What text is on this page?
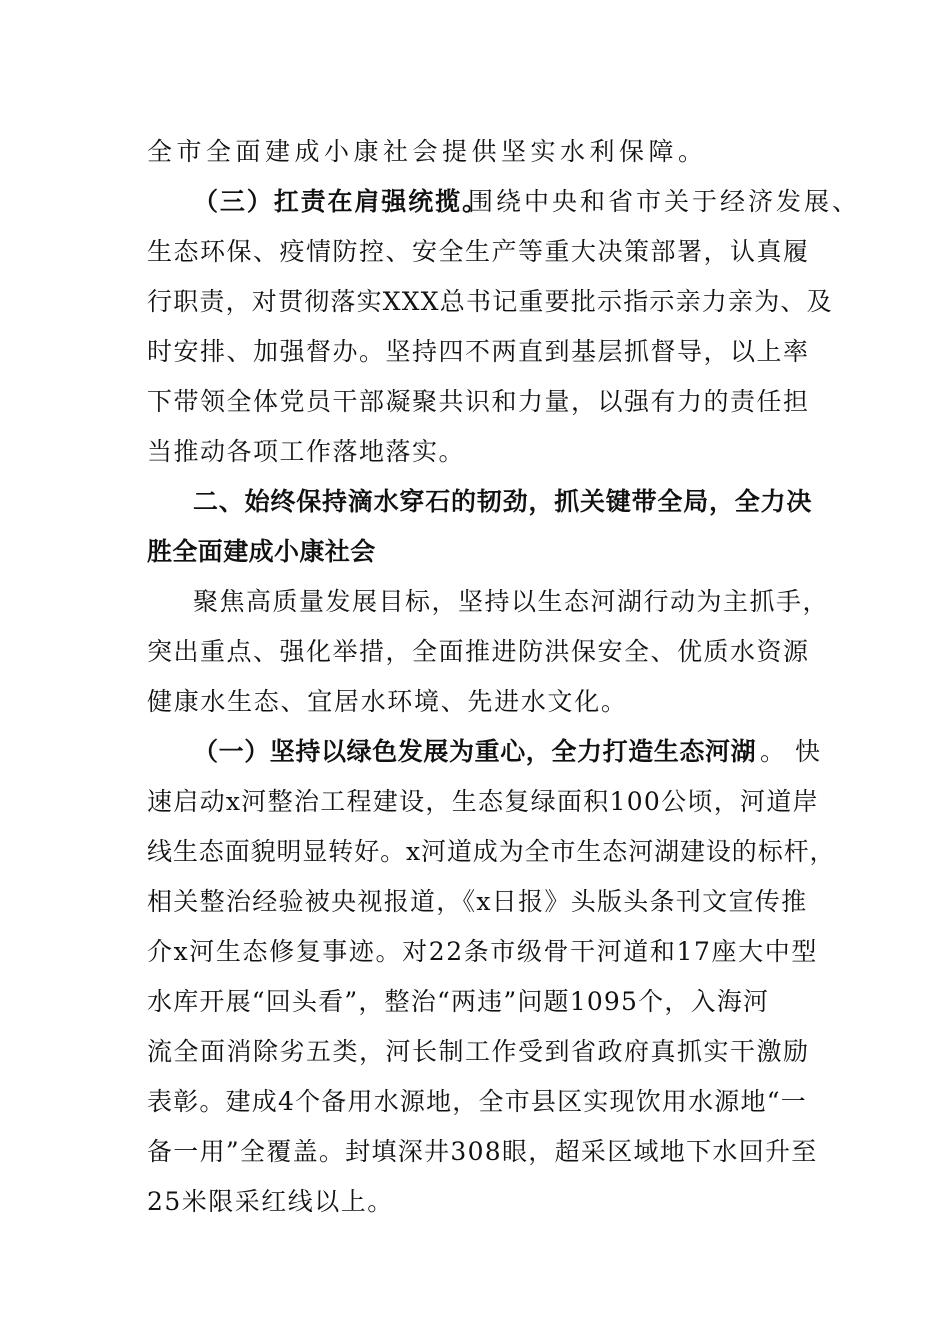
全市全面建成小康社会提供坚实水利保障。
（三）扛责在肩强统揽。
围绕中央和省市关于经济发展、
生态环保、疫情防控、安全生产等重大决策部署，认真履
行职责，对贯彻落实XXX总书记重要批示指示亲力亲为、及
时安排、加强督办。坚持四不两直到基层抓督导，以上率
下带领全体党员干部凝聚共识和力量，以强有力的责任担
当推动各项工作落地落实。
二、始终保持滴水穿石的韧劲，抓关键带全局，全力决
胜全面建成小康社会
聚焦高质量发展目标，坚持以生态河湖行动为主抓手，
突出重点、强化举措，全面推进防洪保安全、优质水资源
健康水生态、宜居水环境、先进水文化。
（一）坚持以绿色发展为重心，全力打造生态河湖 。快
速启动x河整治工程建设，生态复绿面积100公顷，河道岸
线生态面貌明显转好。x河道成为全市生态河湖建设的标杆，
相关整治经验被央视报道，《x日报》头版头条刊文宣传推
介x河生态修复事迹。对22条市级骨干河道和17座大中型
水库开展“回头看”，整治“两违”问题1095个，入海河
流全面消除劣五类，河长制工作受到省政府真抓实干激励
表彰。建成4个备用水源地，全市县区实现饮用水源地“一
备一用”全覆盖。封填深井308眼，超采区域地下水回升至
25米限采红线以上。
